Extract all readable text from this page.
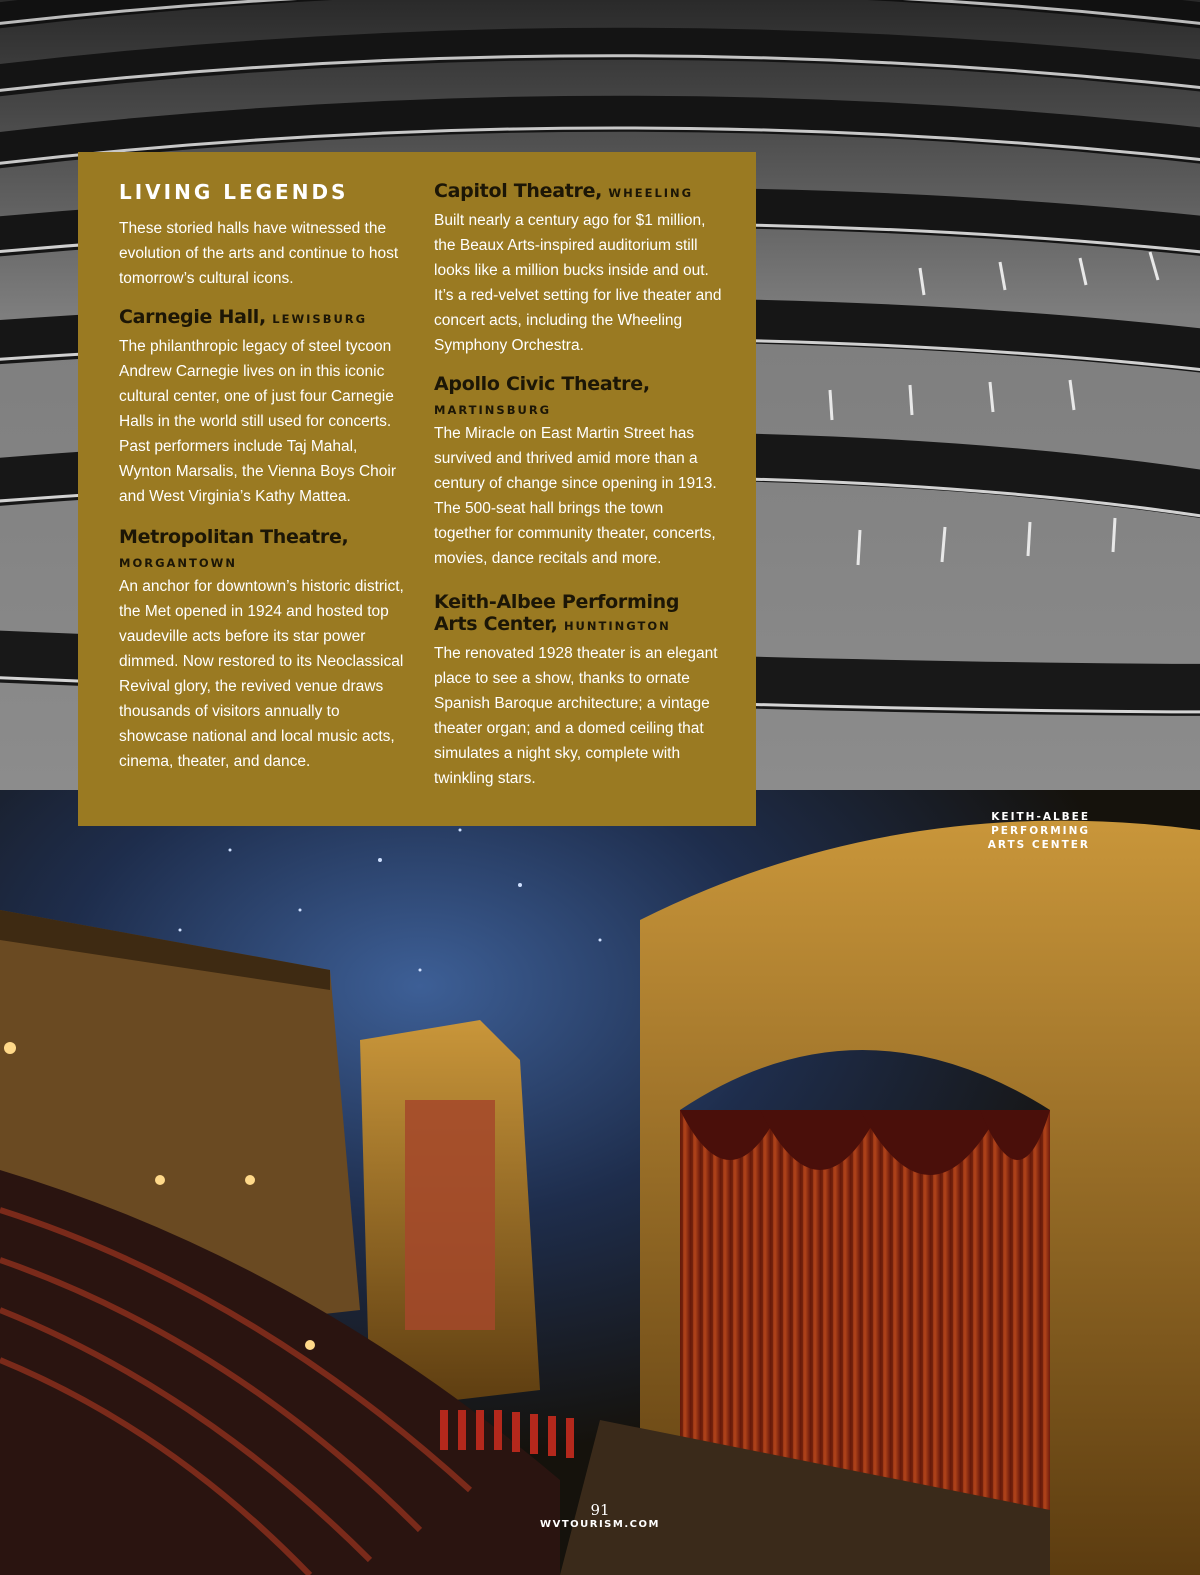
LIVING LEGENDS

These storied halls have witnessed the evolution of the arts and continue to host tomorrow’s cultural icons.

Carnegie Hall, LEWISBURG

The philanthropic legacy of steel tycoon Andrew Carnegie lives on in this iconic cultural center, one of just four Carnegie Halls in the world still used for concerts. Past performers include Taj Mahal, Wynton Marsalis, the Vienna Boys Choir and West Virginia’s Kathy Mattea.

Metropolitan Theatre,
MORGANTOWN

An anchor for downtown’s historic district, the Met opened in 1924 and hosted top vaudeville acts before its star power dimmed. Now restored to its Neoclassical Revival glory, the revived venue draws thousands of visitors annually to showcase national and local music acts, cinema, theater, and dance.

Capitol Theatre, WHEELING

Built nearly a century ago for $1 million, the Beaux Arts-inspired auditorium still looks like a million bucks inside and out. It’s a red-velvet setting for live theater and concert acts, including the Wheeling Symphony Orchestra.

Apollo Civic Theatre,
MARTINSBURG

The Miracle on East Martin Street has survived and thrived amid more than a century of change since opening in 1913. The 500-seat hall brings the town together for community theater, concerts, movies, dance recitals and more.

Keith-Albee Performing Arts Center, HUNTINGTON

The renovated 1928 theater is an elegant place to see a show, thanks to ornate Spanish Baroque architecture; a vintage theater organ; and a domed ceiling that simulates a night sky, complete with twinkling stars.

KEITH-ALBEE PERFORMING ARTS CENTER
91
WVTOURISM.COM
